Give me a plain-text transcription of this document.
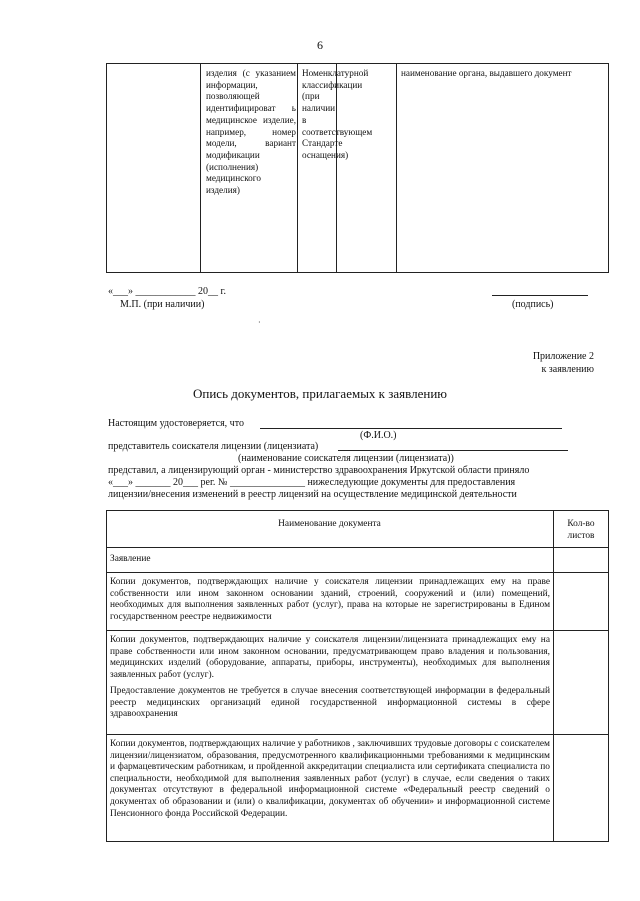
6
изделия (с указанием информации, позволяющей идентифицироват ь медицинское изделие, например, номер модели, вариант модификации (исполнения) медицинского изделия)
Номенклатурной классификации (при наличии в соответствующем Стандарте оснащения)
наименование органа, выдавшего документ
«___» ____________ 20__ г.
М.П. (при наличии)	(подпись)
·
Приложение 2
к заявлению
Опись документов, прилагаемых к заявлению
Настоящим удостоверяется, что
(Ф.И.О.)
представитель соискателя лицензии (лицензиата)
(наименование соискателя лицензии (лицензиата))
представил, а лицензирующий орган - министерство здравоохранения Иркутской области приняло
«___» _______ 20___ рег. № _______________ нижеследующие документы для предоставления
лицензии/внесения изменений в реестр лицензий на осуществление медицинской деятельности
Наименование документа	Кол-во листов
Заявление
Копии документов, подтверждающих наличие у соискателя лицензии принадлежащих ему на праве собственности или ином законном основании зданий, строений, сооружений и (или) помещений, необходимых для выполнения заявленных работ (услуг), права на которые не зарегистрированы в Едином государственном реестре недвижимости
Копии документов, подтверждающих наличие у соискателя лицензии/лицензиата принадлежащих ему на праве собственности или ином законном основании, предусматривающем право владения и пользования, медицинских изделий (оборудование, аппараты, приборы, инструменты), необходимых для выполнения заявленных работ (услуг).
Предоставление документов не требуется в случае внесения соответствующей информации в федеральный реестр медицинских организаций единой государственной информационной системы в сфере здравоохранения
Копии документов, подтверждающих наличие у работников , заключивших трудовые договоры с соискателем лицензии/лицензиатом, образования, предусмотренного квалификационными требованиями к медицинским и фармацевтическим работникам, и пройденной аккредитации специалиста или сертификата специалиста по специальности, необходимой для выполнения заявленных работ (услуг) в случае, если сведения о таких документах отсутствуют в федеральной информационной системе «Федеральный реестр сведений о документах об образовании и (или) о квалификации, документах об обучении» и информационной системе Пенсионного фонда Российской Федерации.
